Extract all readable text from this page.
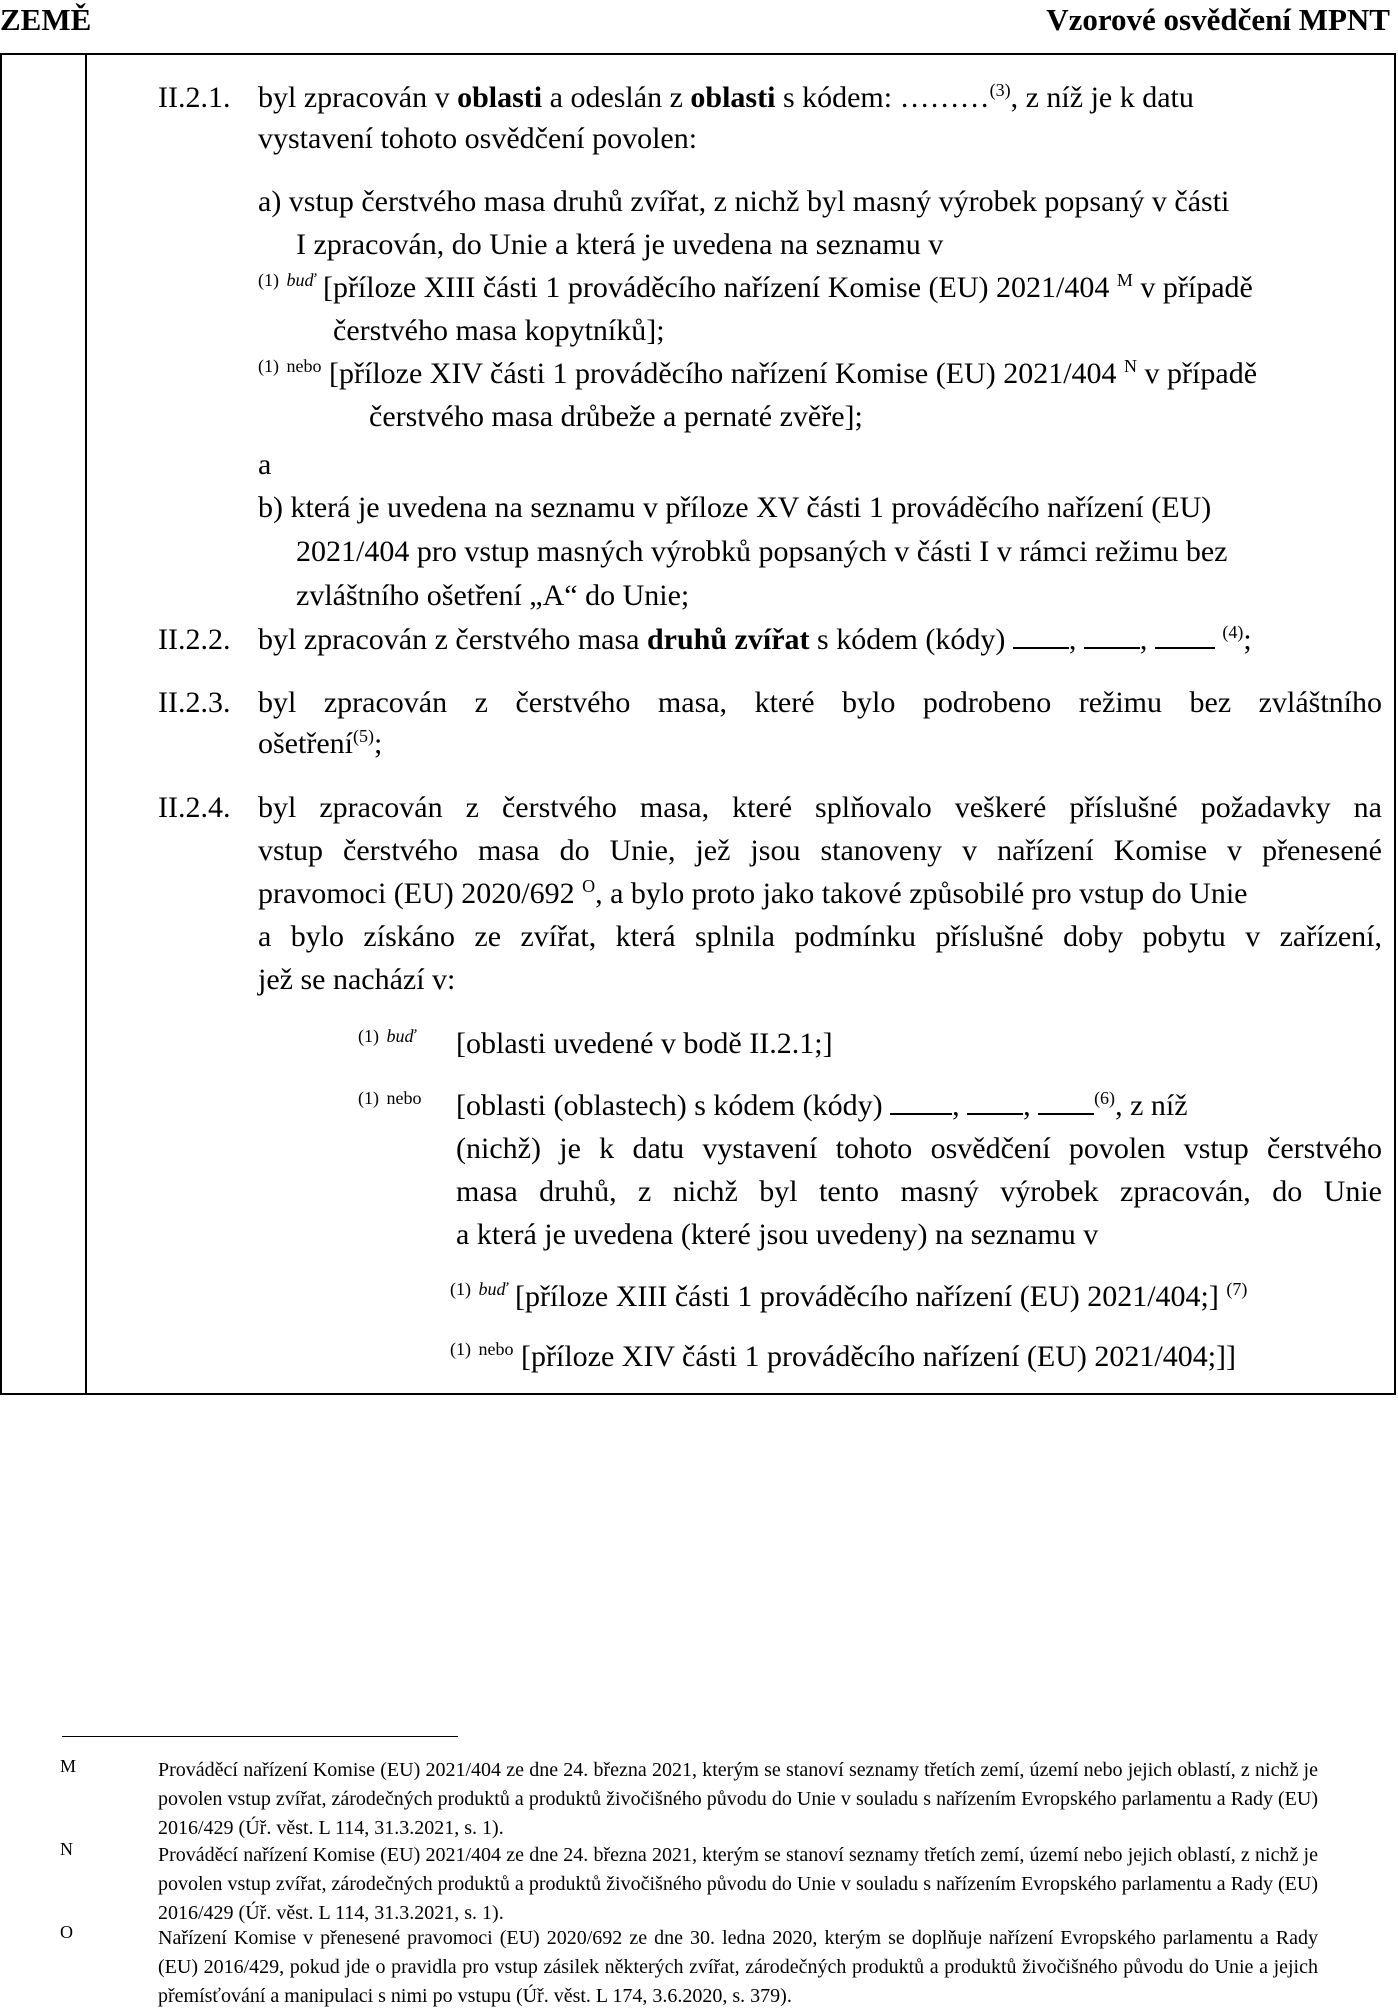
ZEMĚ	Vzorové osvědčení MPNT
II.2.1. byl zpracován v oblasti a odeslán z oblasti s kódem: ………$^{(3)}$, z níž je k datu
vystavení tohoto osvědčení povolen:
a) vstup čerstvého masa druhů zvířat, z nichž byl masný výrobek popsaný v části
I zpracován, do Unie a která je uvedena na seznamu v
$^{(1)}$ $^{buď}$ [příloze XIII části 1 prováděcího nařízení Komise (EU) 2021/404 $^M$ v případě
čerstvého masa kopytníků];
$^{(1)}$ $^{nebo}$ [příloze XIV části 1 prováděcího nařízení Komise (EU) 2021/404 $^N$ v případě
čerstvého masa drůbeže a pernaté zvěře];
a
b) která je uvedena na seznamu v příloze XV části 1 prováděcího nařízení (EU)
2021/404 pro vstup masných výrobků popsaných v části I v rámci režimu bez
zvláštního ošetření „A“ do Unie;
II.2.2. byl zpracován z čerstvého masa druhů zvířat s kódem (kódy) , ,	$^{(4)}$;
II.2.3. byl zpracován z čerstvého masa, které bylo podrobeno režimu bez zvláštního
ošetření$^{(5)}$;
II.2.4. byl zpracován z čerstvého masa, které splňovalo veškeré příslušné požadavky na
vstup čerstvého masa do Unie, jež jsou stanoveny v nařízení Komise v přenesené
pravomoci (EU) 2020/692 $^O$, a bylo proto jako takové způsobilé pro vstup do Unie
a bylo získáno ze zvířat, která splnila podmínku příslušné doby pobytu v zařízení,
jež se nachází v:
$^{(1)}$ $^{buď}$ [oblasti uvedené v bodě II.2.1;]
$^{(1)}$ $^{nebo}$ [oblasti (oblastech) s kódem (kódy) , ,	$^{(6)}$, z níž
(nichž) je k datu vystavení tohoto osvědčení povolen vstup čerstvého
masa druhů, z nichž byl tento masný výrobek zpracován, do Unie
a která je uvedena (které jsou uvedeny) na seznamu v
$^{(1)}$ $^{buď}$ [příloze XIII části 1 prováděcího nařízení (EU) 2021/404;] $^{(7)}$
$^{(1)}$ $^{nebo}$ [příloze XIV části 1 prováděcího nařízení (EU) 2021/404;]]
M	Prováděcí nařízení Komise (EU) 2021/404 ze dne 24. března 2021, kterým se stanoví seznamy třetích zemí, území nebo jejich oblastí, z nichž je povolen vstup zvířat, zárodečných produktů a produktů živočišného původu do Unie v souladu s nařízením Evropského parlamentu a Rady (EU) 2016/429 (Úř. věst. L 114, 31.3.2021, s. 1).
N	Prováděcí nařízení Komise (EU) 2021/404 ze dne 24. března 2021, kterým se stanoví seznamy třetích zemí, území nebo jejich oblastí, z nichž je povolen vstup zvířat, zárodečných produktů a produktů živočišného původu do Unie v souladu s nařízením Evropského parlamentu a Rady (EU) 2016/429 (Úř. věst. L 114, 31.3.2021, s. 1).
O	Nařízení Komise v přenesené pravomoci (EU) 2020/692 ze dne 30. ledna 2020, kterým se doplňuje nařízení Evropského parlamentu a Rady (EU) 2016/429, pokud jde o pravidla pro vstup zásilek některých zvířat, zárodečných produktů a produktů živočišného původu do Unie a jejich přemísťování a manipulaci s nimi po vstupu (Úř. věst. L 174, 3.6.2020, s. 379).
